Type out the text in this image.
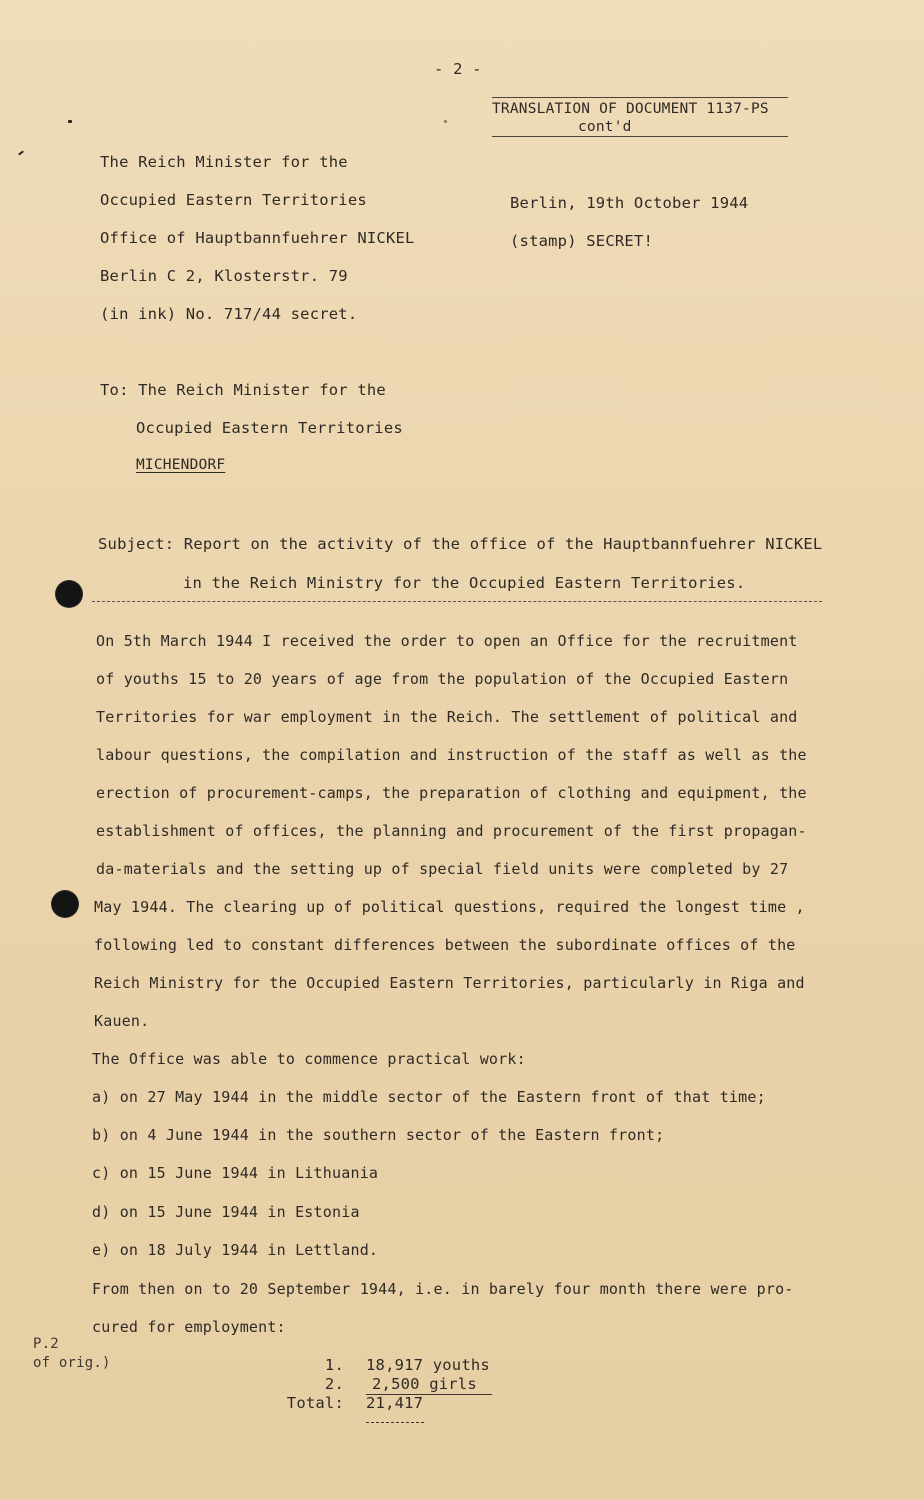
- 2 -
TRANSLATION OF DOCUMENT 1137-PS
cont'd
The Reich Minister for the
Occupied Eastern Territories
Office of Hauptbannfuehrer NICKEL
Berlin C 2, Klosterstr. 79
(in ink) No. 717/44 secret.
Berlin, 19th October 1944
(stamp) SECRET!
To: The Reich Minister for the
Occupied Eastern Territories
MICHENDORF
Subject: Report on the activity of the office of the Hauptbannfuehrer NICKEL
in the Reich Ministry for the Occupied Eastern Territories.
On 5th March 1944 I received the order to open an Office for the recruitment
of youths 15 to 20 years of age from the population of the Occupied Eastern
Territories for war employment in the Reich. The settlement of political and
labour questions, the compilation and instruction of the staff as well as the
erection of procurement-camps, the preparation of clothing and equipment, the
establishment of offices, the planning and procurement of the first propagan-
da-materials and the setting up of special field units were completed by 27
May 1944. The clearing up of political questions, required the longest time ,
following led to constant differences between the subordinate offices of the
Reich Ministry for the Occupied Eastern Territories, particularly in Riga and
Kauen.
The Office was able to commence practical work:
a) on 27 May 1944 in the middle sector of the Eastern front of that time;
b) on 4 June 1944 in the southern sector of the Eastern front;
c) on 15 June 1944 in Lithuania
d) on 15 June 1944 in Estonia
e) on 18 July 1944 in Lettland.
From then on to 20 September 1944, i.e. in barely four month there were pro-
cured for employment:
P.2
of orig.)	1. 18,917 youths
2. 2,500 girls
Total: 21,417
